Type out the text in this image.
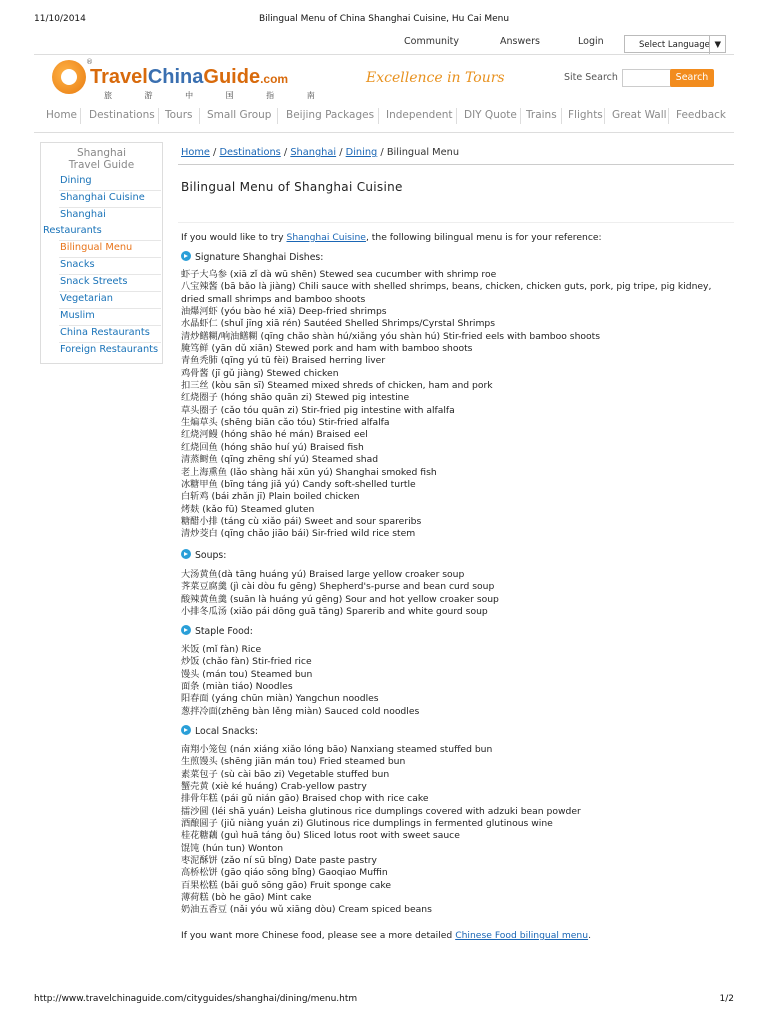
11/10/2014	Bilingual Menu of China Shanghai Cuisine, Hu Cai Menu
Community	Answers	Login	Select Language ▼
®
TravelChinaGuide.com
旅 游 中 国 指 南
Excellence in Tours	Site Search	Search
Home Destinations Tours Small Group Beijing Packages Independent DIY Quote Trains Flights Great Wall Feedback
Shanghai
Travel Guide
Dining
Shanghai Cuisine
Shanghai
Restaurants
Bilingual Menu
Snacks
Snack Streets
Vegetarian
Muslim
China Restaurants
Foreign Restaurants
Home / Destinations / Shanghai / Dining / Bilingual Menu
Bilingual Menu of Shanghai Cuisine
If you would like to try Shanghai Cuisine, the following bilingual menu is for your reference:
Signature Shanghai Dishes:
虾子大乌参 (xiā zǐ dà wū shēn) Stewed sea cucumber with shrimp roe
八宝辣酱 (bā bǎo là jiàng) Chili sauce with shelled shrimps, beans, chicken, chicken guts, pork, pig tripe, pig kidney, dried small shrimps and bamboo shoots
油爆河虾 (yóu bào hé xiā) Deep-fried shrimps
水晶虾仁 (shuǐ jīng xiā rén) Sautéed Shelled Shrimps/Cyrstal Shrimps
清炒鳝糊/响油鳝糊 (qīng chǎo shàn hú/xiǎng yóu shàn hú) Stir-fried eels with bamboo shoots
腌笃鲜 (yān dǔ xiān) Stewed pork and ham with bamboo shoots
青鱼秃肺 (qīng yú tū fèi) Braised herring liver
鸡骨酱 (jī gǔ jiàng) Stewed chicken
扣三丝 (kòu sān sī) Steamed mixed shreds of chicken, ham and pork
红烧圈子 (hóng shāo quān zi) Stewed pig intestine
草头圈子 (cǎo tóu quān zi) Stir-fried pig intestine with alfalfa
生煸草头 (shēng biān cǎo tóu) Stir-fried alfalfa
红烧河鳗 (hóng shāo hé mán) Braised eel
红烧回鱼 (hóng shāo huí yú) Braised fish
清蒸鲥鱼 (qīng zhēng shí yú) Steamed shad
老上海熏鱼 (lǎo shàng hǎi xūn yú) Shanghai smoked fish
冰糖甲鱼 (bīng táng jiǎ yú) Candy soft-shelled turtle
白斩鸡 (bái zhǎn jī) Plain boiled chicken
烤麸 (kǎo fū) Steamed gluten
糖醋小排 (táng cù xiǎo pái) Sweet and sour spareribs
清炒茭白 (qīng chǎo jiāo bái) Sir-fried wild rice stem
Soups:
大汤黄鱼(dà tāng huáng yú) Braised large yellow croaker soup
荠菜豆腐羹 (jì cài dòu fu gēng) Shepherd's-purse and bean curd soup
酸辣黄鱼羹 (suān là huáng yú gēng) Sour and hot yellow croaker soup
小排冬瓜汤 (xiǎo pái dōng guā tāng) Sparerib and white gourd soup
Staple Food:
米饭 (mǐ fàn) Rice
炒饭 (chǎo fàn) Stir-fried rice
馒头 (mán tou) Steamed bun
面条 (miàn tiáo) Noodles
阳春面 (yáng chūn miàn) Yangchun noodles
葱拌冷面(zhēng bàn lěng miàn) Sauced cold noodles
Local Snacks:
南翔小笼包 (nán xiáng xiǎo lóng bāo) Nanxiang steamed stuffed bun
生煎馒头 (shēng jiān mán tou) Fried steamed bun
素菜包子 (sù cài bāo zi) Vegetable stuffed bun
蟹壳黄 (xiè ké huáng) Crab-yellow pastry
排骨年糕 (pái gǔ nián gāo) Braised chop with rice cake
擂沙圆 (léi shā yuán) Leisha glutinous rice dumplings covered with adzuki bean powder
酒酿圆子 (jiǔ niàng yuán zi) Glutinous rice dumplings in fermented glutinous wine
桂花糖藕 (guì huā táng ǒu) Sliced lotus root with sweet sauce
馄饨 (hún tun) Wonton
枣泥酥饼 (zǎo ní sū bǐng) Date paste pastry
高桥松饼 (gāo qiáo sōng bǐng) Gaoqiao Muffin
百果松糕 (bǎi guǒ sōng gāo) Fruit sponge cake
薄荷糕 (bò he gāo) Mint cake
奶油五香豆 (nǎi yóu wǔ xiāng dòu) Cream spiced beans
If you want more Chinese food, please see a more detailed Chinese Food bilingual menu.
http://www.travelchinaguide.com/cityguides/shanghai/dining/menu.htm	1/2
